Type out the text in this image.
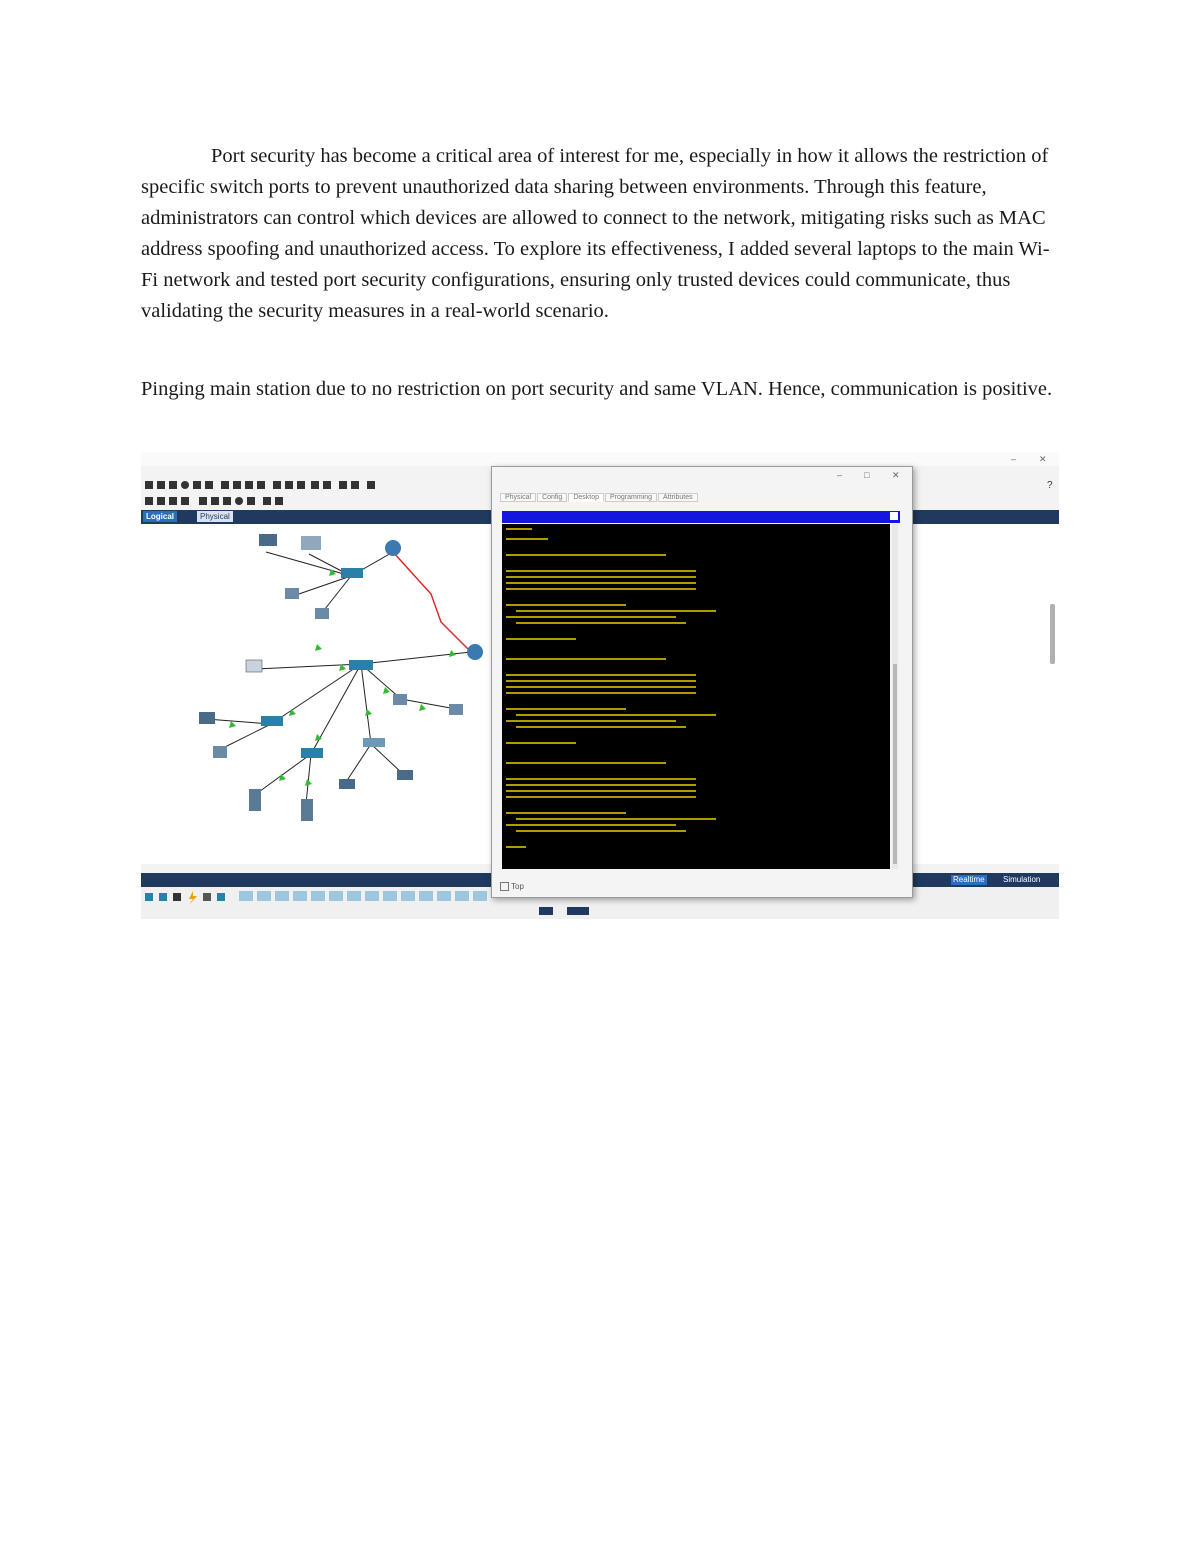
Port security has become a critical area of interest for me, especially in how it allows the restriction of specific switch ports to prevent unauthorized data sharing between environments. Through this feature, administrators can control which devices are allowed to connect to the network, mitigating risks such as MAC address spoofing and unauthorized access. To explore its effectiveness, I added several laptops to the main Wi-Fi network and tested port security configurations, ensuring only trusted devices could communicate, thus validating the security measures in a real-world scenario.

Pinging main station due to no restriction on port security and same VLAN. Hence, communication is positive.

–	✕
?
Logical	Physical
Realtime Simulation
– □	✕
Physical Config Desktop Programming Attributes
Top
